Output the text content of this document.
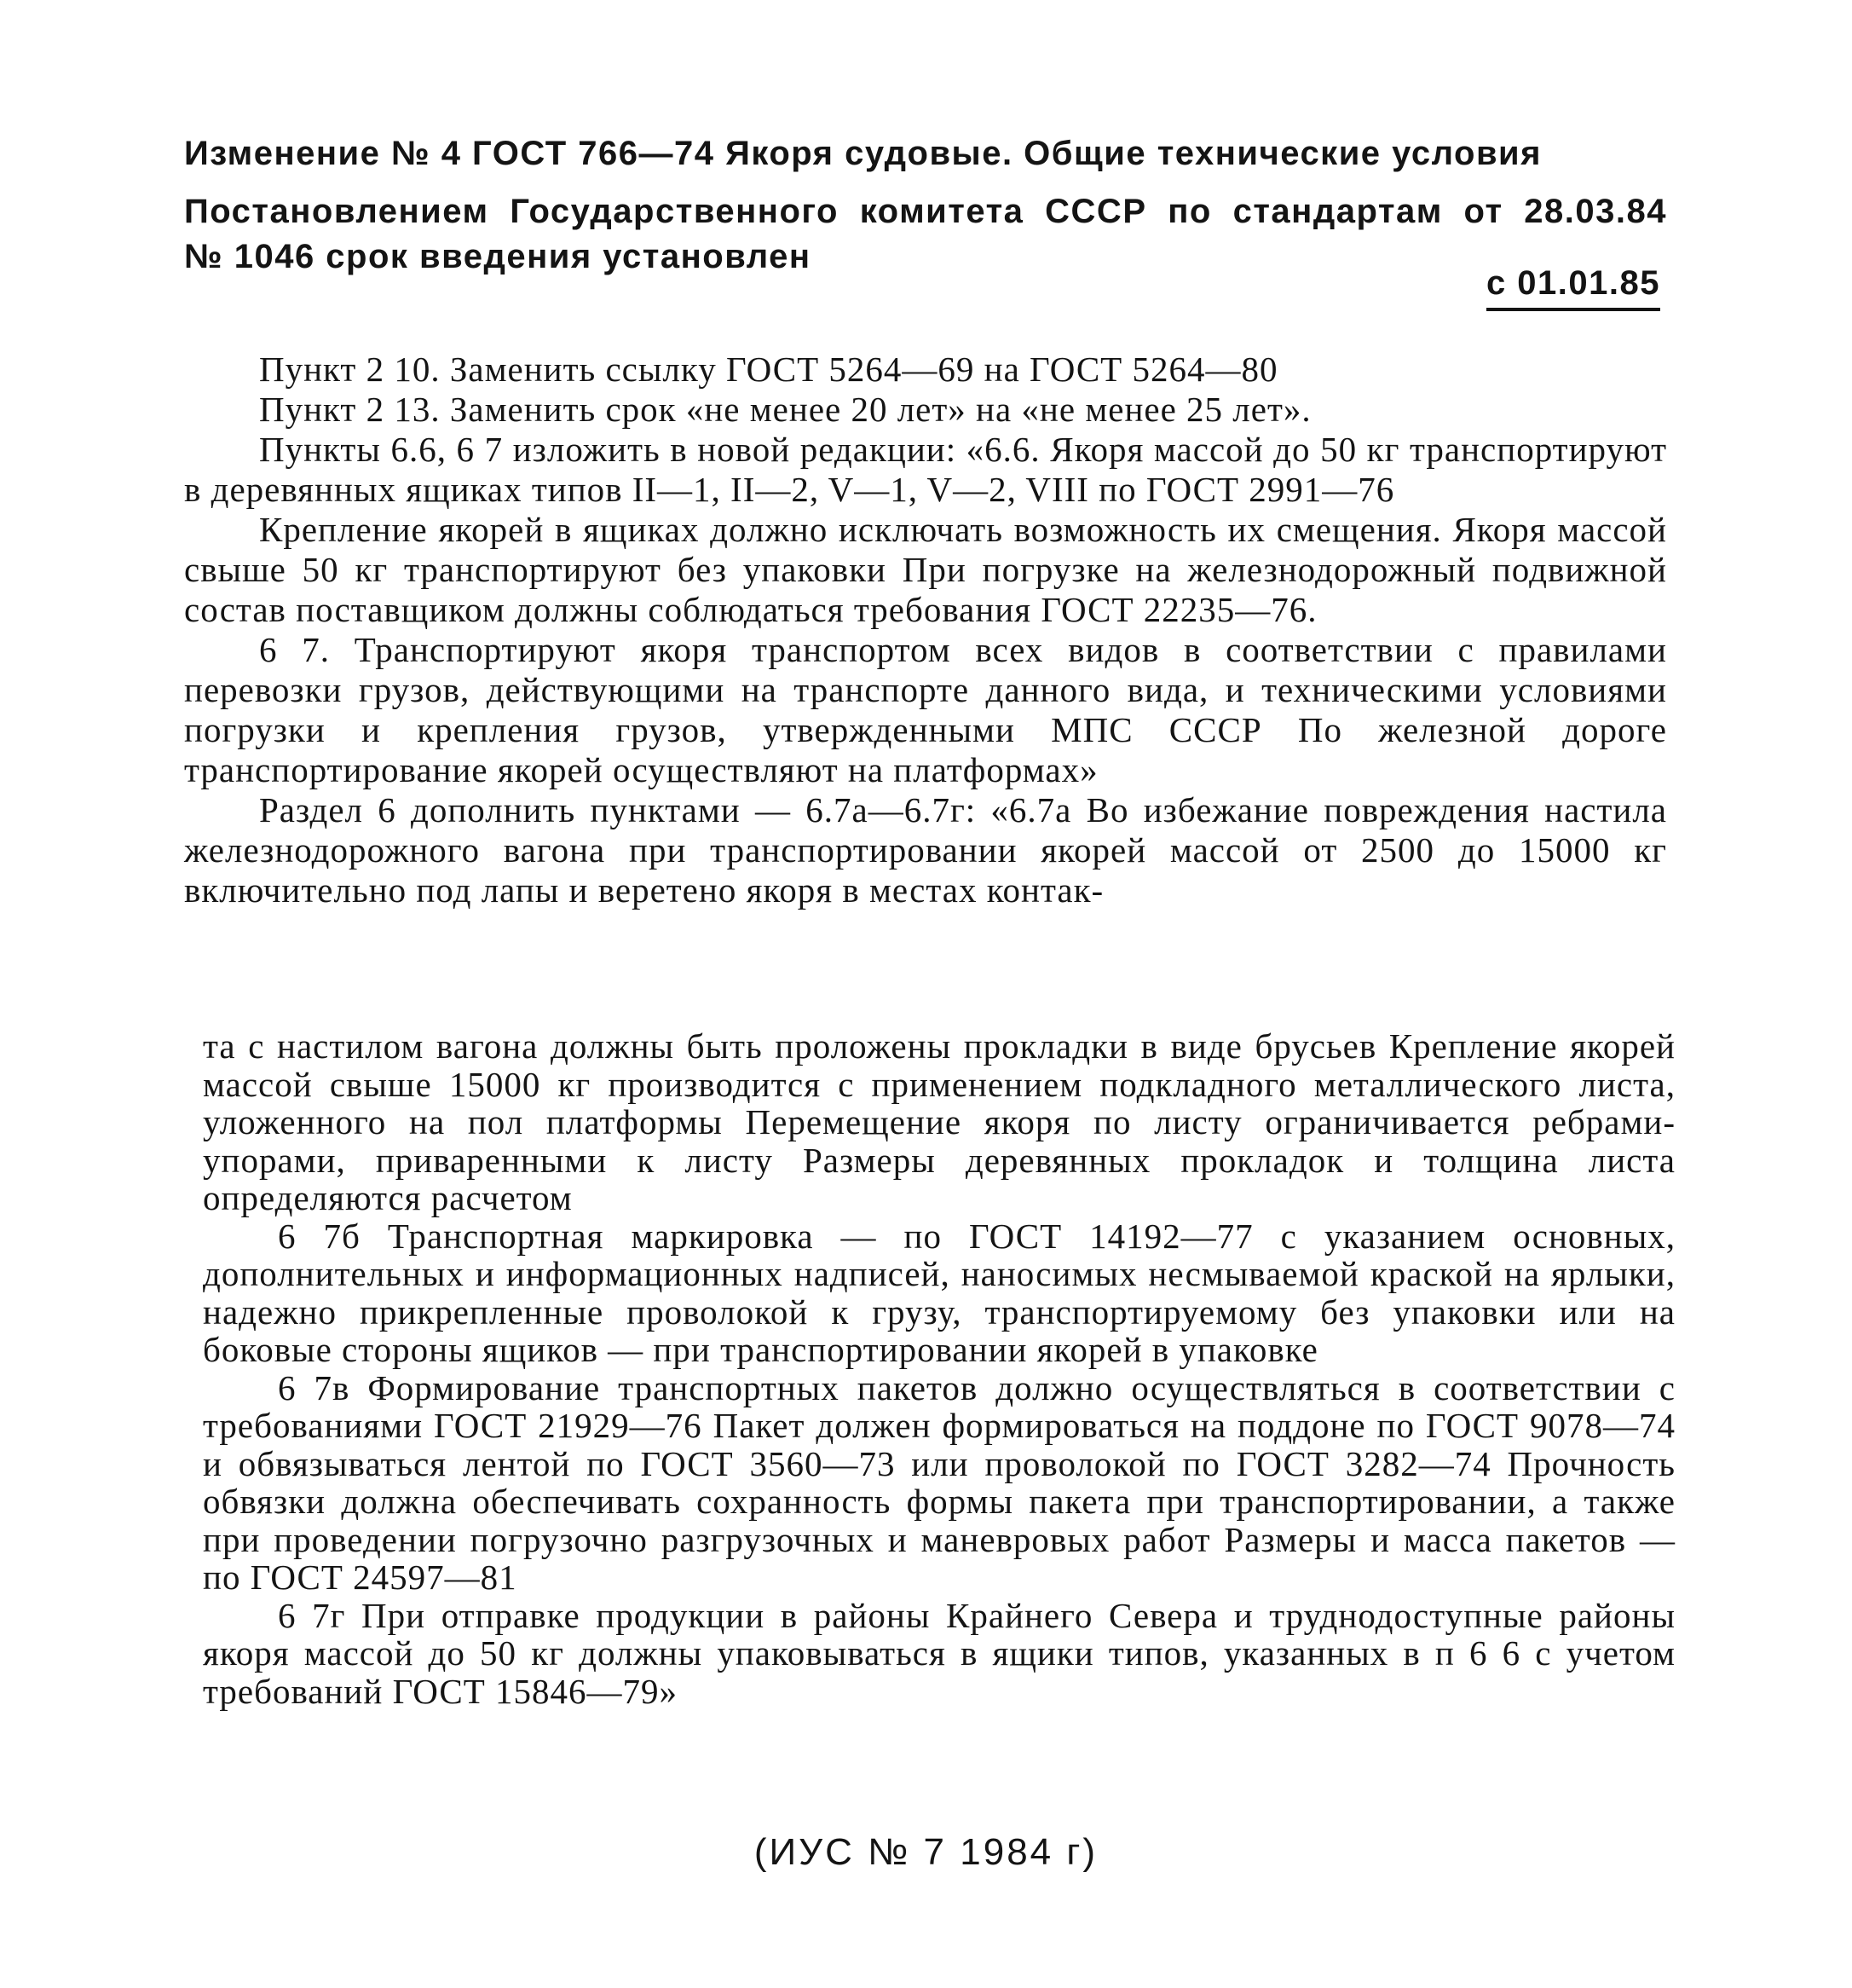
Изменение № 4 ГОСТ 766—74 Якоря судовые. Общие технические условия
Постановлением Государственного комитета СССР по стандартам от 28.03.84
№ 1046 срок введения установлен
с 01.01.85

Пункт 2 10. Заменить ссылку ГОСТ 5264—69 на ГОСТ 5264—80

Пункт 2 13. Заменить срок «не менее 20 лет» на «не менее 25 лет».

Пункты 6.6, 6 7 изложить в новой редакции: «6.6. Якоря массой до 50 кг транспортируют в деревянных ящиках типов II—1, II—2, V—1, V—2, VIII по ГОСТ 2991—76

Крепление якорей в ящиках должно исключать возможность их смещения. Якоря массой свыше 50 кг транспортируют без упаковки При погрузке на железнодорожный подвижной состав поставщиком должны соблюдаться требования ГОСТ 22235—76.

6 7. Транспортируют якоря транспортом всех видов в соответствии с правилами перевозки грузов, действующими на транспорте данного вида, и техническими условиями погрузки и крепления грузов, утвержденными МПС СССР По железной дороге транспортирование якорей осуществляют на платформах»

Раздел 6 дополнить пунктами — 6.7а—6.7г: «6.7а Во избежание повреждения настила железнодорожного вагона при транспортировании якорей массой от 2500 до 15000 кг включительно под лапы и веретено якоря в местах контак-

та с настилом вагона должны быть проложены прокладки в виде брусьев Крепление якорей массой свыше 15000 кг производится с применением подкладного металлического листа, уложенного на пол платформы Перемещение якоря по листу ограничивается ребрами-упорами, приваренными к листу Размеры деревянных прокладок и толщина листа определяются расчетом

6 7б Транспортная маркировка — по ГОСТ 14192—77 с указанием основных, дополнительных и информационных надписей, наносимых несмываемой краской на ярлыки, надежно прикрепленные проволокой к грузу, транспортируемому без упаковки или на боковые стороны ящиков — при транспортировании якорей в упаковке

6 7в Формирование транспортных пакетов должно осуществляться в соответствии с требованиями ГОСТ 21929—76 Пакет должен формироваться на поддоне по ГОСТ 9078—74 и обвязываться лентой по ГОСТ 3560—73 или проволокой по ГОСТ 3282—74 Прочность обвязки должна обеспечивать сохранность формы пакета при транспортировании, а также при проведении погрузочно разгрузочных и маневровых работ Размеры и масса пакетов — по ГОСТ 24597—81

6 7г При отправке продукции в районы Крайнего Севера и труднодоступные районы якоря массой до 50 кг должны упаковываться в ящики типов, указанных в п 6 6 с учетом требований ГОСТ 15846—79»

(ИУС № 7 1984 г)
